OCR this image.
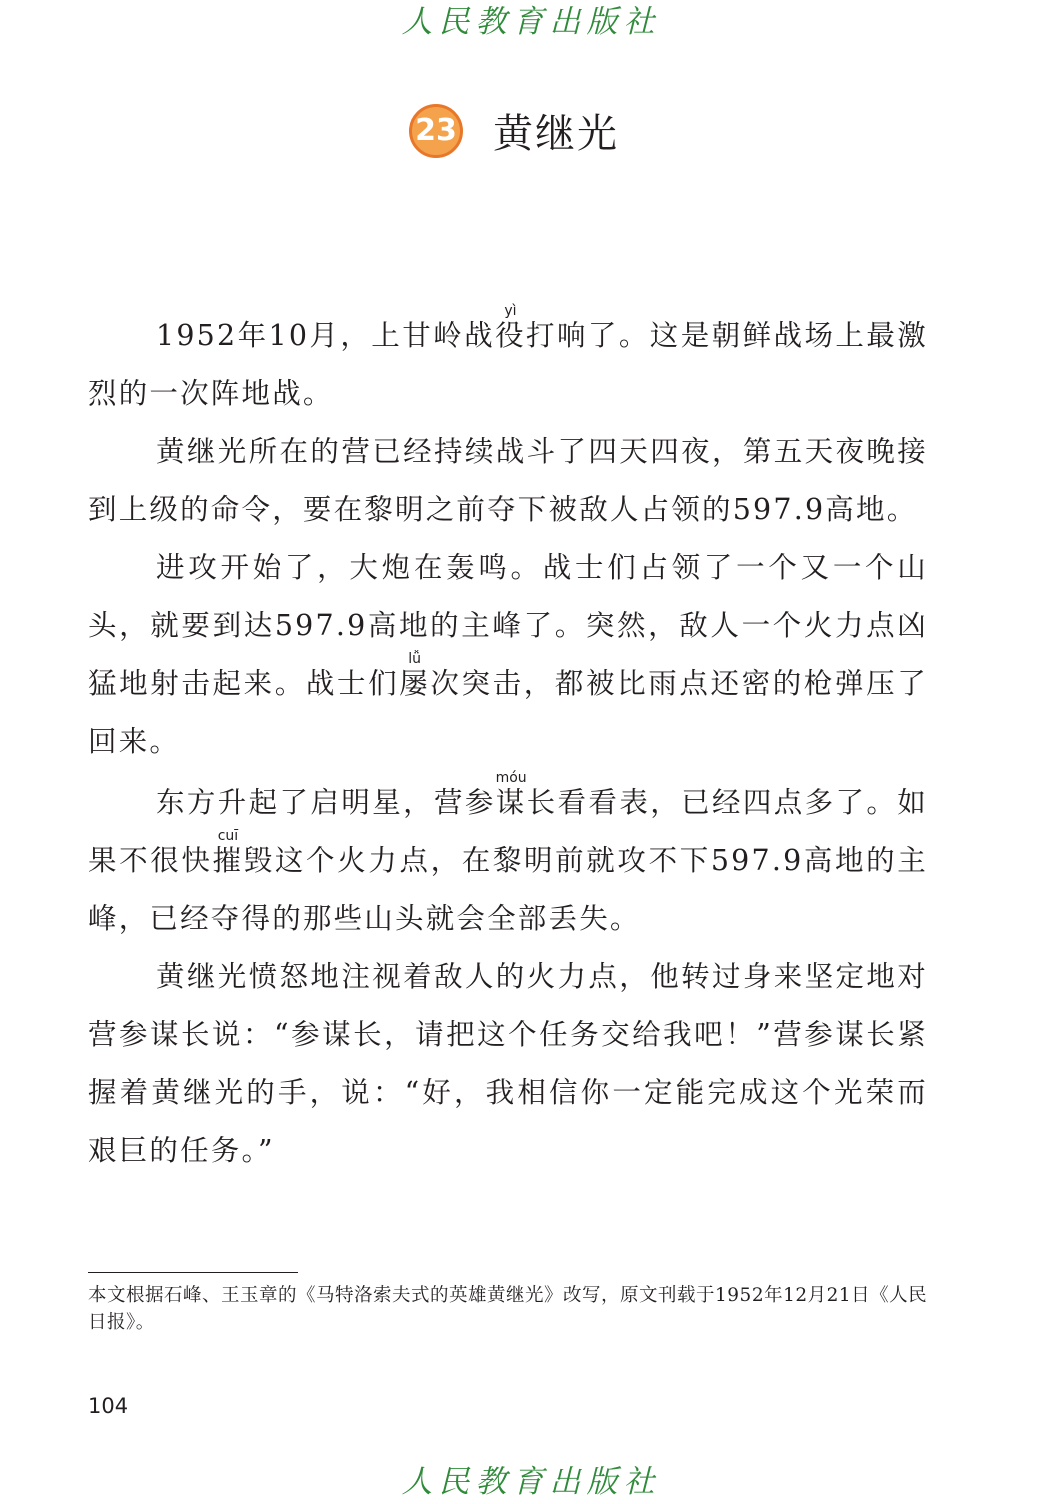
人民教育出版社
23 黄继光

1952年10月，上甘岭战役yì打响了。这是朝鲜战场上最激烈的一次阵地战。

黄继光所在的营已经持续战斗了四天四夜，第五天夜晚接到上级的命令，要在黎明之前夺下被敌人占领的597.9高地。

进攻开始了，大炮在轰鸣。战士们占领了一个又一个山头，就要到达597.9高地的主峰了。突然，敌人一个火力点凶猛地射击起来。战士们屡lǚ次突击，都被比雨点还密的枪弹压了回来。

东方升起了启明星，营参谋móu长看看表，已经四点多了。如果不很快摧cuī毁这个火力点，在黎明前就攻不下597.9高地的主峰，已经夺得的那些山头就会全部丢失。

黄继光愤怒地注视着敌人的火力点，他转过身来坚定地对营参谋长说：“参谋长，请把这个任务交给我吧！”营参谋长紧握着黄继光的手，说：“好，我相信你一定能完成这个光荣而艰巨的任务。”

本文根据石峰、王玉章的《马特洛索夫式的英雄黄继光》改写，原文刊载于1952年12月21日《人民日报》。
104
人民教育出版社
